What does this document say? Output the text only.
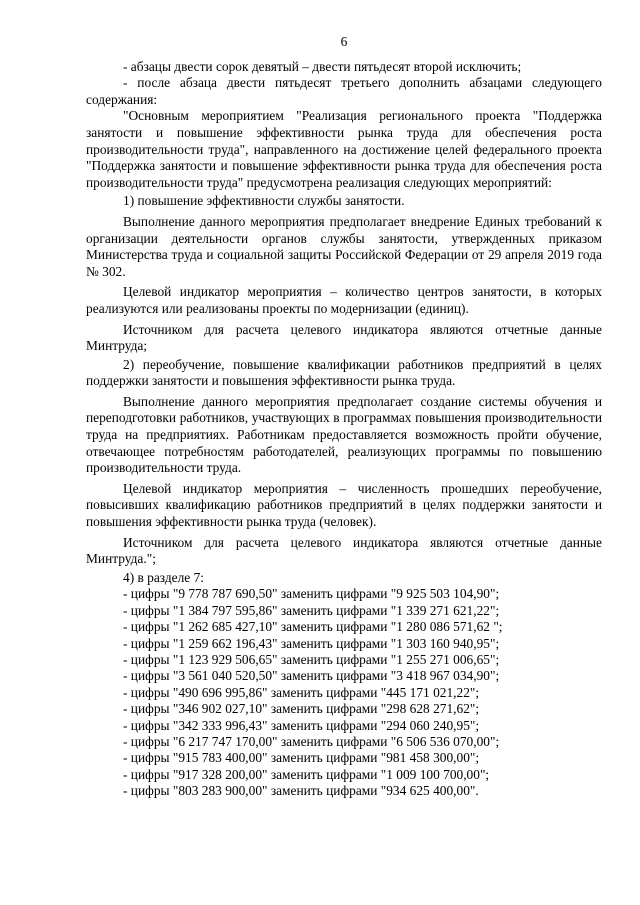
6

- абзацы двести сорок девятый – двести пятьдесят второй исключить;

- после абзаца двести пятьдесят третьего дополнить абзацами следующего содержания:

"Основным мероприятием "Реализация регионального проекта "Поддержка занятости и повышение эффективности рынка труда для обеспечения роста производительности труда", направленного на достижение целей федерального проекта "Поддержка занятости и повышение эффективности рынка труда для обеспечения роста производительности труда" предусмотрена реализация следующих мероприятий:

1) повышение эффективности службы занятости.

Выполнение данного мероприятия предполагает внедрение Единых требований к организации деятельности органов службы занятости, утвержденных приказом Министерства труда и социальной защиты Российской Федерации от 29 апреля 2019 года № 302.

Целевой индикатор мероприятия – количество центров занятости, в которых реализуются или реализованы проекты по модернизации (единиц).

Источником для расчета целевого индикатора являются отчетные данные Минтруда;

2) переобучение, повышение квалификации работников предприятий в целях поддержки занятости и повышения эффективности рынка труда.

Выполнение данного мероприятия предполагает создание системы обучения и переподготовки работников, участвующих в программах повышения производительности труда на предприятиях. Работникам предоставляется возможность пройти обучение, отвечающее потребностям работодателей, реализующих программы по повышению производительности труда.

Целевой индикатор мероприятия – численность прошедших переобучение, повысивших квалификацию работников предприятий в целях поддержки занятости и повышения эффективности рынка труда (человек).

Источником для расчета целевого индикатора являются отчетные данные Минтруда.";

4) в разделе 7:

- цифры "9 778 787 690,50" заменить цифрами "9 925 503 104,90";
- цифры "1 384 797 595,86" заменить цифрами "1 339 271 621,22";
- цифры "1 262 685 427,10" заменить цифрами "1 280 086 571,62 ";
- цифры "1 259 662 196,43" заменить цифрами "1 303 160 940,95";
- цифры "1 123 929 506,65" заменить цифрами "1 255 271 006,65";
- цифры "3 561 040 520,50" заменить цифрами "3 418 967 034,90";
- цифры "490 696 995,86" заменить цифрами "445 171 021,22";
- цифры "346 902 027,10" заменить цифрами "298 628 271,62";
- цифры "342 333 996,43" заменить цифрами "294 060 240,95";
- цифры "6 217 747 170,00" заменить цифрами "6 506 536 070,00";
- цифры "915 783 400,00" заменить цифрами "981 458 300,00";
- цифры "917 328 200,00" заменить цифрами "1 009 100 700,00";
- цифры "803 283 900,00" заменить цифрами "934 625 400,00".
